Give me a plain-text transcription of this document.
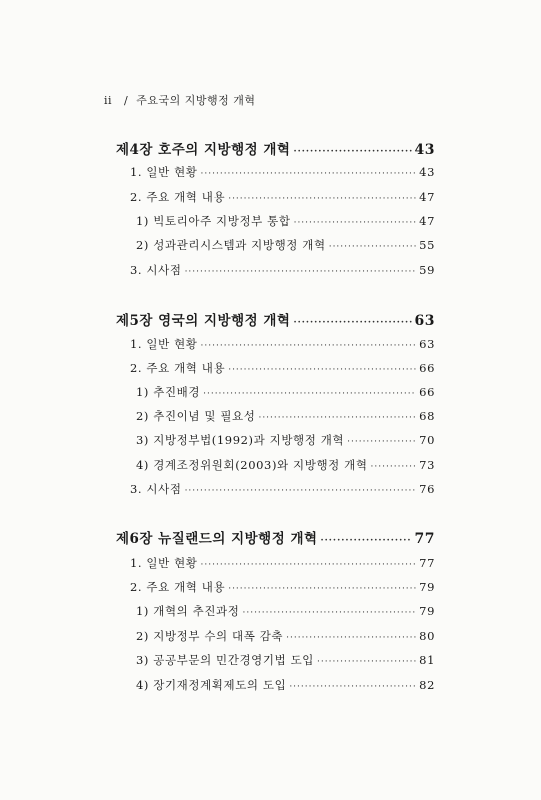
ii / 주요국의 지방행정 개혁
제4장 호주의 지방행정 개혁 ·····	43
1. 일반 현황 ·····	43
2. 주요 개혁 내용 ·····	47
1) 빅토리아주 지방정부 통합 ·····	47
2) 성과관리시스템과 지방행정 개혁 ·····	55
3. 시사점 ·····	59
제5장 영국의 지방행정 개혁 ·····	63
1. 일반 현황 ·····	63
2. 주요 개혁 내용 ·····	66
1) 추진배경 ·····	66
2) 추진이념 및 필요성 ·····	68
3) 지방정부법(1992)과 지방행정 개혁 ·····	70
4) 경계조정위원회(2003)와 지방행정 개혁 ·····	73
3. 시사점 ·····	76
제6장 뉴질랜드의 지방행정 개혁 ·····	77
1. 일반 현황 ·····	77
2. 주요 개혁 내용 ·····	79
1) 개혁의 추진과정 ·····	79
2) 지방정부 수의 대폭 감축 ·····	80
3) 공공부문의 민간경영기법 도입 ·····	81
4) 장기재정계획제도의 도입 ·····	82
